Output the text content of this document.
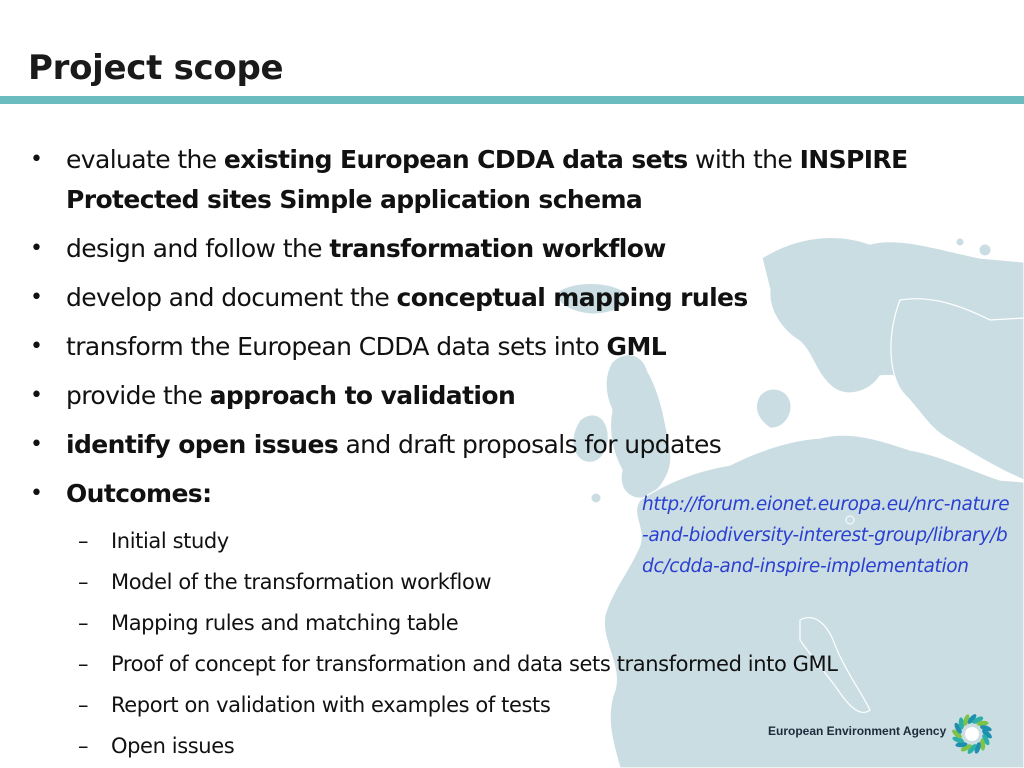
Project scope
• evaluate the existing European CDDA data sets with the INSPIRE Protected sites Simple application schema
• design and follow the transformation workflow
• develop and document the conceptual mapping rules
• transform the European CDDA data sets into GML
• provide the approach to validation
• identify open issues and draft proposals for updates
• Outcomes:
– Initial study
– Model of the transformation workflow
– Mapping rules and matching table
– Proof of concept for transformation and data sets transformed into GML
– Report on validation with examples of tests
– Open issues
http://forum.eionet.europa.eu/nrc-nature-and-biodiversity-interest-group/library/bdc/cdda-and-inspire-implementation
European Environment Agency
